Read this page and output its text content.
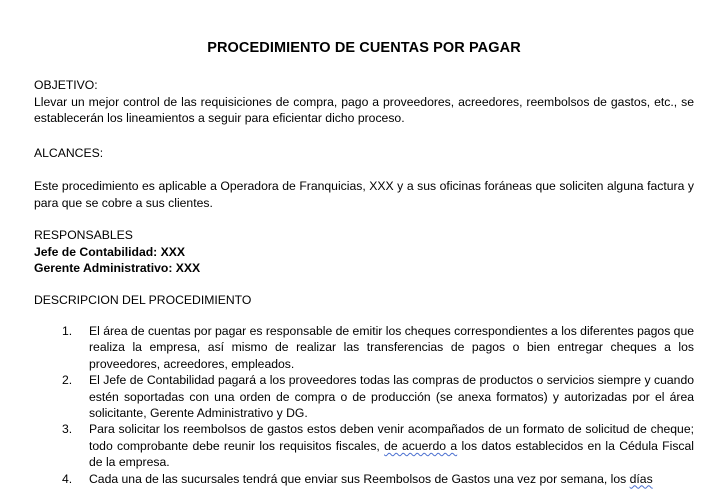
PROCEDIMIENTO DE CUENTAS POR PAGAR
OBJETIVO:
Llevar un mejor control de las requisiciones de compra, pago a proveedores, acreedores, reembolsos de gastos, etc., se establecerán los lineamientos a seguir para eficientar dicho proceso.
ALCANCES:
Este procedimiento es aplicable a Operadora de Franquicias, XXX y a sus oficinas foráneas que soliciten alguna factura y para que se cobre a sus clientes.
RESPONSABLES
Jefe de Contabilidad: XXX
Gerente Administrativo: XXX
DESCRIPCION DEL PROCEDIMIENTO
1. El área de cuentas por pagar es responsable de emitir los cheques correspondientes a los diferentes pagos que realiza la empresa, así mismo de realizar las transferencias de pagos o bien entregar cheques a los proveedores, acreedores, empleados.
2. El Jefe de Contabilidad pagará a los proveedores todas las compras de productos o servicios siempre y cuando estén soportadas con una orden de compra o de producción (se anexa formatos) y autorizadas por el área solicitante, Gerente Administrativo y DG.
3. Para solicitar los reembolsos de gastos estos deben venir acompañados de un formato de solicitud de cheque; todo comprobante debe reunir los requisitos fiscales, de acuerdo a los datos establecidos en la Cédula Fiscal de la empresa.
4. Cada una de las sucursales tendrá que enviar sus Reembolsos de Gastos una vez por semana, los días
